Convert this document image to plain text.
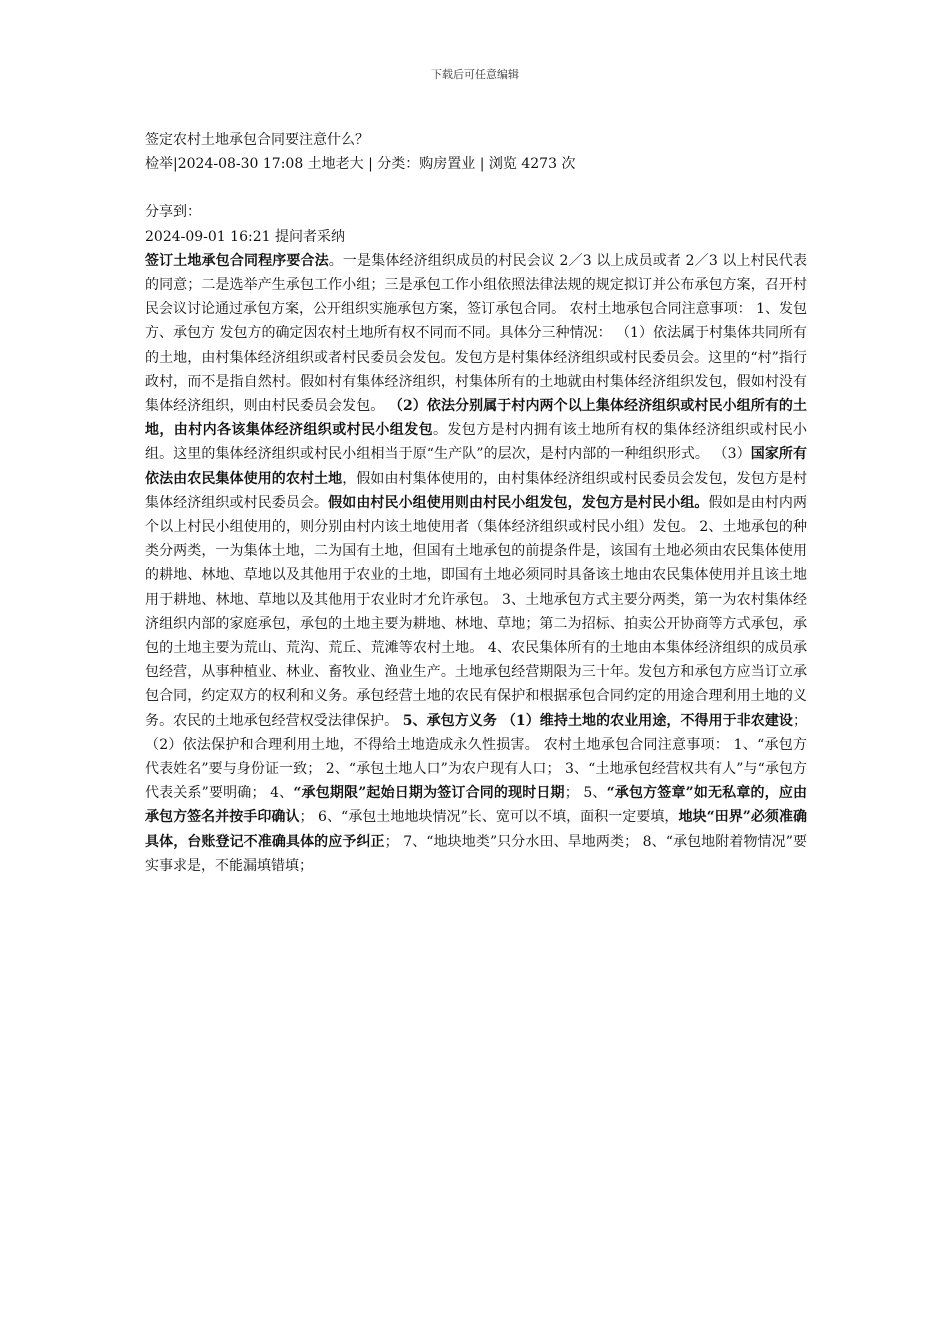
下载后可任意编辑
签定农村土地承包合同要注意什么？
检举|2024-08-30 17:08 土地老大 | 分类：购房置业 | 浏览 4273 次
分享到：
2024-09-01 16:21 提问者采纳
签订土地承包合同程序要合法。一是集体经济组织成员的村民会议 2／3 以上成员或者 2／3 以上村民代表的同意；二是选举产生承包工作小组；三是承包工作小组依照法律法规的规定拟订并公布承包方案，召开村民会议讨论通过承包方案，公开组织实施承包方案，签订承包合同。 农村土地承包合同注意事项： 1、发包方、承包方 发包方的确定因农村土地所有权不同而不同。具体分三种情况： （1）依法属于村集体共同所有的土地，由村集体经济组织或者村民委员会发包。发包方是村集体经济组织或村民委员会。这里的“村”指行政村，而不是指自然村。假如村有集体经济组织，村集体所有的土地就由村集体经济组织发包，假如村没有集体经济组织，则由村民委员会发包。 （2）依法分别属于村内两个以上集体经济组织或村民小组所有的土地，由村内各该集体经济组织或村民小组发包。发包方是村内拥有该土地所有权的集体经济组织或村民小组。这里的集体经济组织或村民小组相当于原“生产队”的层次，是村内部的一种组织形式。 （3）国家所有依法由农民集体使用的农村土地，假如由村集体使用的，由村集体经济组织或村民委员会发包，发包方是村集体经济组织或村民委员会。假如由村民小组使用则由村民小组发包，发包方是村民小组。假如是由村内两个以上村民小组使用的，则分别由村内该土地使用者（集体经济组织或村民小组）发包。 2、土地承包的种类分两类，一为集体土地，二为国有土地，但国有土地承包的前提条件是，该国有土地必须由农民集体使用的耕地、林地、草地以及其他用于农业的土地，即国有土地必须同时具备该土地由农民集体使用并且该土地用于耕地、林地、草地以及其他用于农业时才允许承包。 3、土地承包方式主要分两类，第一为农村集体经济组织内部的家庭承包，承包的土地主要为耕地、林地、草地；第二为招标、拍卖公开协商等方式承包，承包的土地主要为荒山、荒沟、荒丘、荒滩等农村土地。 4、农民集体所有的土地由本集体经济组织的成员承包经营，从事种植业、林业、畜牧业、渔业生产。土地承包经营期限为三十年。发包方和承包方应当订立承包合同，约定双方的权利和义务。承包经营土地的农民有保护和根据承包合同约定的用途合理利用土地的义务。农民的土地承包经营权受法律保护。 5、承包方义务 （1）维持土地的农业用途，不得用于非农建设； （2）依法保护和合理利用土地，不得给土地造成永久性损害。 农村土地承包合同注意事项： 1、“承包方代表姓名”要与身份证一致； 2、“承包土地人口”为农户现有人口； 3、“土地承包经营权共有人”与“承包方代表关系”要明确； 4、“承包期限”起始日期为签订合同的现时日期； 5、“承包方签章”如无私章的，应由承包方签名并按手印确认； 6、“承包土地地块情况”长、宽可以不填，面积一定要填，地块“田界”必须准确具体，台账登记不准确具体的应予纠正； 7、“地块地类”只分水田、旱地两类； 8、“承包地附着物情况”要实事求是，不能漏填错填；
